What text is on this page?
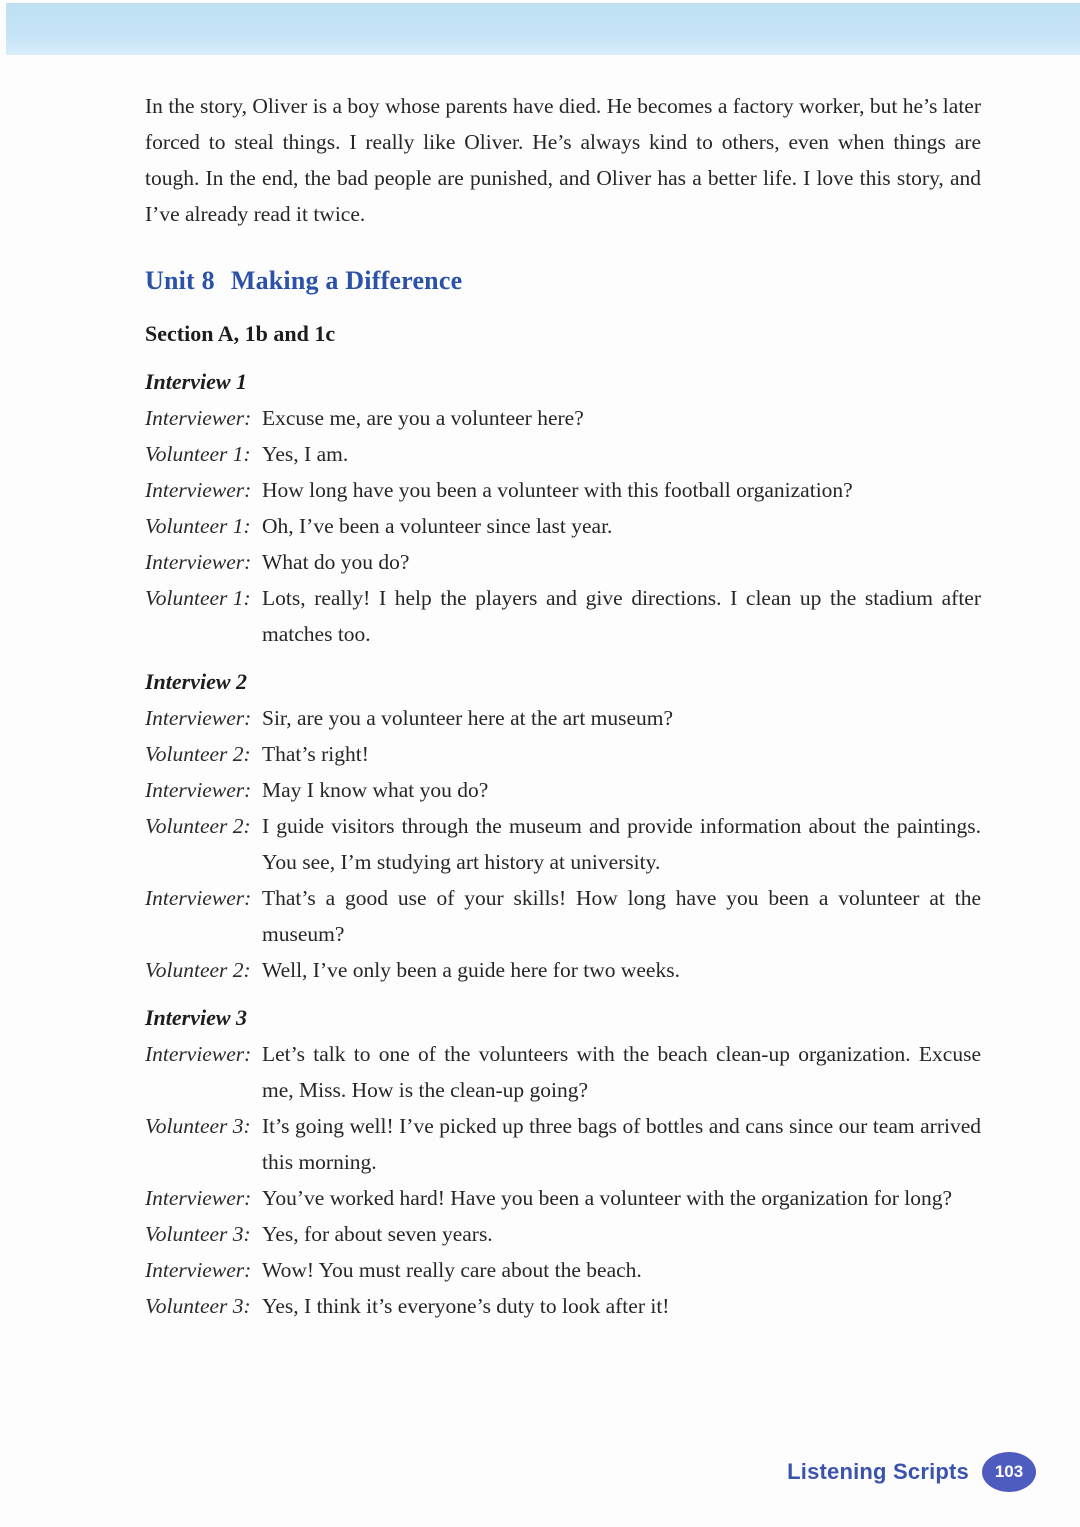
In the story, Oliver is a boy whose parents have died. He becomes a factory worker, but he’s later forced to steal things. I really like Oliver. He’s always kind to others, even when things are tough. In the end, the bad people are punished, and Oliver has a better life. I love this story, and I’ve already read it twice.

Unit 8 Making a Difference
Section A, 1b and 1c
Interview 1
Interviewer: Excuse me, are you a volunteer here?
Volunteer 1: Yes, I am.
Interviewer: How long have you been a volunteer with this football organization?
Volunteer 1: Oh, I’ve been a volunteer since last year.
Interviewer: What do you do?
Volunteer 1: Lots, really! I help the players and give directions. I clean up the stadium after matches too.
Interview 2
Interviewer: Sir, are you a volunteer here at the art museum?
Volunteer 2: That’s right!
Interviewer: May I know what you do?
Volunteer 2: I guide visitors through the museum and provide information about the paintings. You see, I’m studying art history at university.
Interviewer: That’s a good use of your skills! How long have you been a volunteer at the museum?
Volunteer 2: Well, I’ve only been a guide here for two weeks.
Interview 3
Interviewer: Let’s talk to one of the volunteers with the beach clean-up organization. Excuse me, Miss. How is the clean-up going?
Volunteer 3: It’s going well! I’ve picked up three bags of bottles and cans since our team arrived this morning.
Interviewer: You’ve worked hard! Have you been a volunteer with the organization for long?
Volunteer 3: Yes, for about seven years.
Interviewer: Wow! You must really care about the beach.
Volunteer 3: Yes, I think it’s everyone’s duty to look after it!
Listening Scripts	103
